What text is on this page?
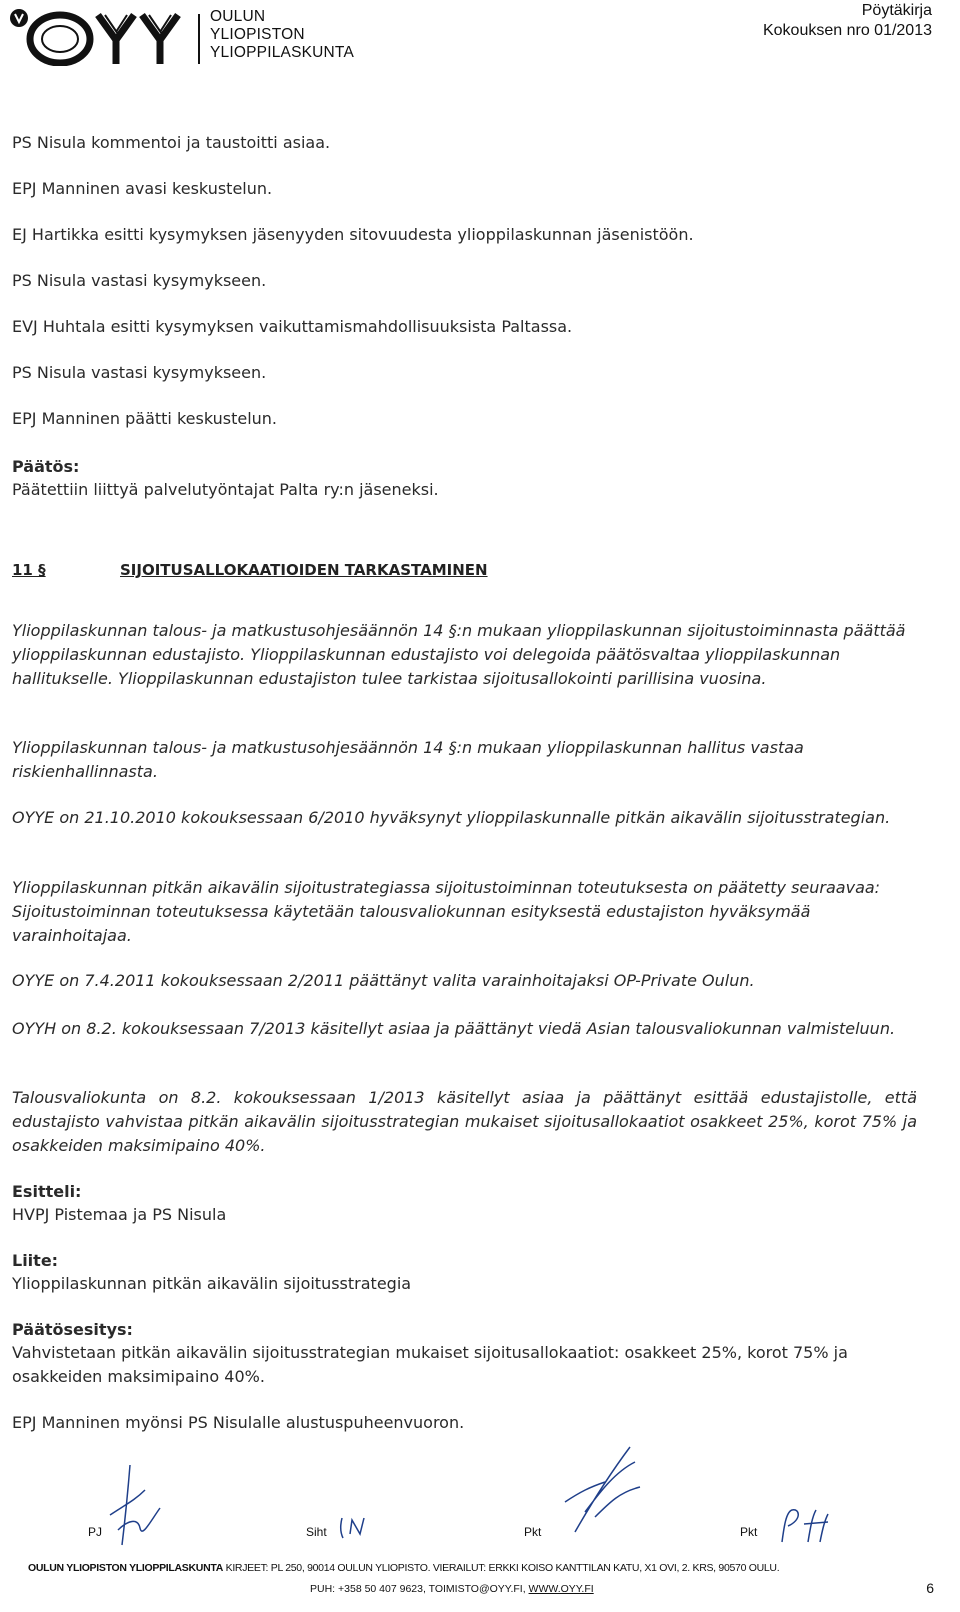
OULUN
YLIOPISTON
YLIOPPILASKUNTA
Pöytäkirja
Kokouksen nro 01/2013
PS Nisula kommentoi ja taustoitti asiaa.
EPJ Manninen avasi keskustelun.
EJ Hartikka esitti kysymyksen jäsenyyden sitovuudesta ylioppilaskunnan jäsenistöön.
PS Nisula vastasi kysymykseen.
EVJ Huhtala esitti kysymyksen vaikuttamismahdollisuuksista Paltassa.
PS Nisula vastasi kysymykseen.
EPJ Manninen päätti keskustelun.
Päätös:
Päätettiin liittyä palvelutyöntajat Palta ry:n jäseneksi.
11 §	SIJOITUSALLOKAATIOIDEN TARKASTAMINEN
Ylioppilaskunnan talous- ja matkustusohjesäännön 14 §:n mukaan ylioppilaskunnan sijoitustoiminnasta päättää ylioppilaskunnan edustajisto. Ylioppilaskunnan edustajisto voi delegoida päätösvaltaa ylioppilaskunnan hallitukselle. Ylioppilaskunnan edustajiston tulee tarkistaa sijoitusallokointi parillisina vuosina.
Ylioppilaskunnan talous- ja matkustusohjesäännön 14 §:n mukaan ylioppilaskunnan hallitus vastaa riskienhallinnasta.
OYYE on 21.10.2010 kokouksessaan 6/2010 hyväksynyt ylioppilaskunnalle pitkän aikavälin sijoitusstrategian.
Ylioppilaskunnan pitkän aikavälin sijoitustrategiassa sijoitustoiminnan toteutuksesta on päätetty seuraavaa: Sijoitustoiminnan toteutuksessa käytetään talousvaliokunnan esityksestä edustajiston hyväksymää varainhoitajaa.
OYYE on 7.4.2011 kokouksessaan 2/2011 päättänyt valita varainhoitajaksi OP-Private Oulun.
OYYH on 8.2. kokouksessaan 7/2013 käsitellyt asiaa ja päättänyt viedä Asian talousvaliokunnan valmisteluun.
Talousvaliokunta on 8.2. kokouksessaan 1/2013 käsitellyt asiaa ja päättänyt esittää edustajistolle, että edustajisto vahvistaa pitkän aikavälin sijoitusstrategian mukaiset sijoitusallokaatiot osakkeet 25%, korot 75% ja osakkeiden maksimipaino 40%.
Esitteli:
HVPJ Pistemaa ja PS Nisula
Liite:
Ylioppilaskunnan pitkän aikavälin sijoitusstrategia
Päätösesitys:
Vahvistetaan pitkän aikavälin sijoitusstrategian mukaiset sijoitusallokaatiot: osakkeet 25%, korot 75% ja osakkeiden maksimipaino 40%.
EPJ Manninen myönsi PS Nisulalle alustuspuheenvuoron.
PJ	Siht	Pkt	Pkt
OULUN YLIOPISTON YLIOPPILASKUNTA KIRJEET: PL 250, 90014 OULUN YLIOPISTO. VIERAILUT: ERKKI KOISO KANTTILAN KATU, X1 OVI, 2. KRS, 90570 OULU.
PUH: +358 50 407 9623, TOIMISTO@OYY.FI, WWW.OYY.FI	6
